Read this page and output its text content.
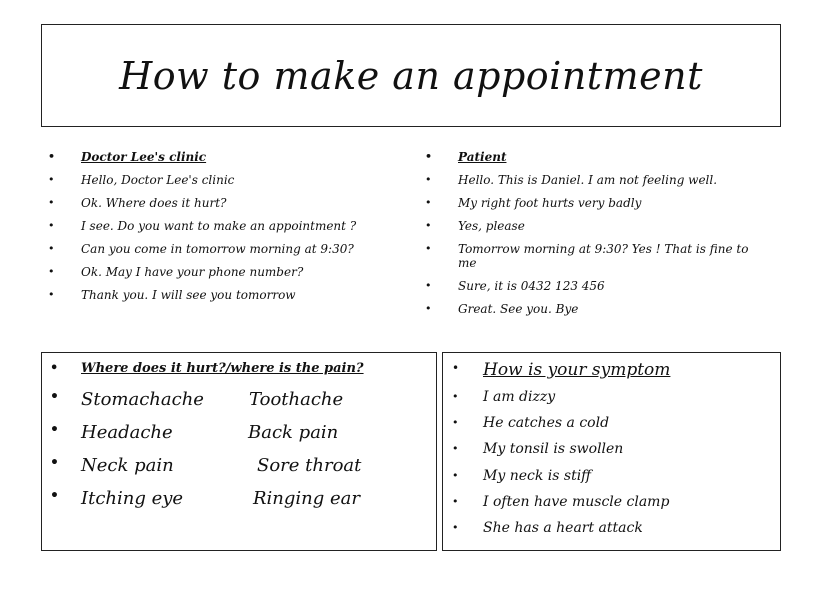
How to make an appointment
• Doctor Lee's clinic
• Hello, Doctor Lee's clinic
• Ok. Where does it hurt?
• I see. Do you want to make an appointment ?
• Can you come in tomorrow morning at 9:30?
• Ok. May I have your phone number?
• Thank you. I will see you tomorrow
• Patient
• Hello. This is Daniel. I am not feeling well.
• My right foot hurts very badly
• Yes, please
• Tomorrow morning at 9:30? Yes ! That is fine to me
• Sure, it is 0432 123 456
• Great. See you. Bye
• Where does it hurt?/where is the pain?
• Stomachache	Toothache
• Headache	Back pain
• Neck pain	Sore throat
• Itching eye	Ringing ear
• How is your symptom
• I am dizzy
• He catches a cold
• My tonsil is swollen
• My neck is stiff
• I often have muscle clamp
• She has a heart attack
